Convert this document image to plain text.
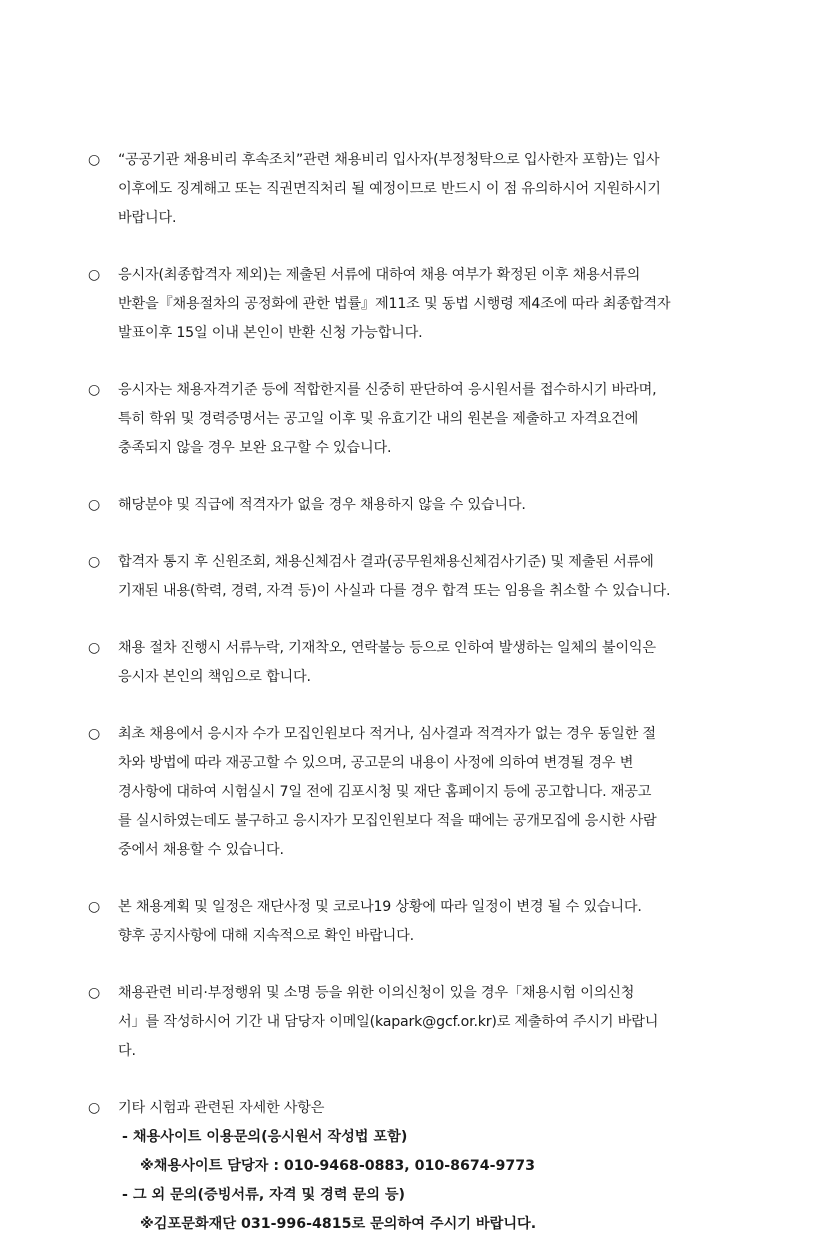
○	“공공기관 채용비리 후속조치”관련 채용비리 입사자(부정청탁으로 입사한자 포함)는 입사
이후에도 징계해고 또는 직권면직처리 될 예정이므로 반드시 이 점 유의하시어 지원하시기
바랍니다.

○	응시자(최종합격자 제외)는 제출된 서류에 대하여 채용 여부가 확정된 이후 채용서류의
반환을『채용절차의 공정화에 관한 법률』제11조 및 동법 시행령 제4조에 따라 최종합격자
발표이후 15일 이내 본인이 반환 신청 가능합니다.

○	응시자는 채용자격기준 등에 적합한지를 신중히 판단하여 응시원서를 접수하시기 바라며,
특히 학위 및 경력증명서는 공고일 이후 및 유효기간 내의 원본을 제출하고 자격요건에
충족되지 않을 경우 보완 요구할 수 있습니다.

○	해당분야 및 직급에 적격자가 없을 경우 채용하지 않을 수 있습니다.

○	합격자 통지 후 신원조회, 채용신체검사 결과(공무원채용신체검사기준) 및 제출된 서류에
기재된 내용(학력, 경력, 자격 등)이 사실과 다를 경우 합격 또는 임용을 취소할 수 있습니다.

○	채용 절차 진행시 서류누락, 기재착오, 연락불능 등으로 인하여 발생하는 일체의 불이익은
응시자 본인의 책임으로 합니다.

○	최초 채용에서 응시자 수가 모집인원보다 적거나, 심사결과 적격자가 없는 경우 동일한 절
차와 방법에 따라 재공고할 수 있으며, 공고문의 내용이 사정에 의하여 변경될 경우 변
경사항에 대하여 시험실시 7일 전에 김포시청 및 재단 홈페이지 등에 공고합니다. 재공고
를 실시하였는데도 불구하고 응시자가 모집인원보다 적을 때에는 공개모집에 응시한 사람
중에서 채용할 수 있습니다.

○	본 채용계획 및 일정은 재단사정 및 코로나19 상황에 따라 일정이 변경 될 수 있습니다.
향후 공지사항에 대해 지속적으로 확인 바랍니다.

○	채용관련 비리·부정행위 및 소명 등을 위한 이의신청이 있을 경우「채용시험 이의신청
서」를 작성하시어 기간 내 담당자 이메일(kapark@gcf.or.kr)로 제출하여 주시기 바랍니
다.

○	기타 시험과 관련된 자세한 사항은

- 채용사이트 이용문의(응시원서 작성법 포함)
※채용사이트 담당자 : 010-9468-0883, 010-8674-9773
- 그 외 문의(증빙서류, 자격 및 경력 문의 등)
※김포문화재단 031-996-4815로 문의하여 주시기 바랍니다.
